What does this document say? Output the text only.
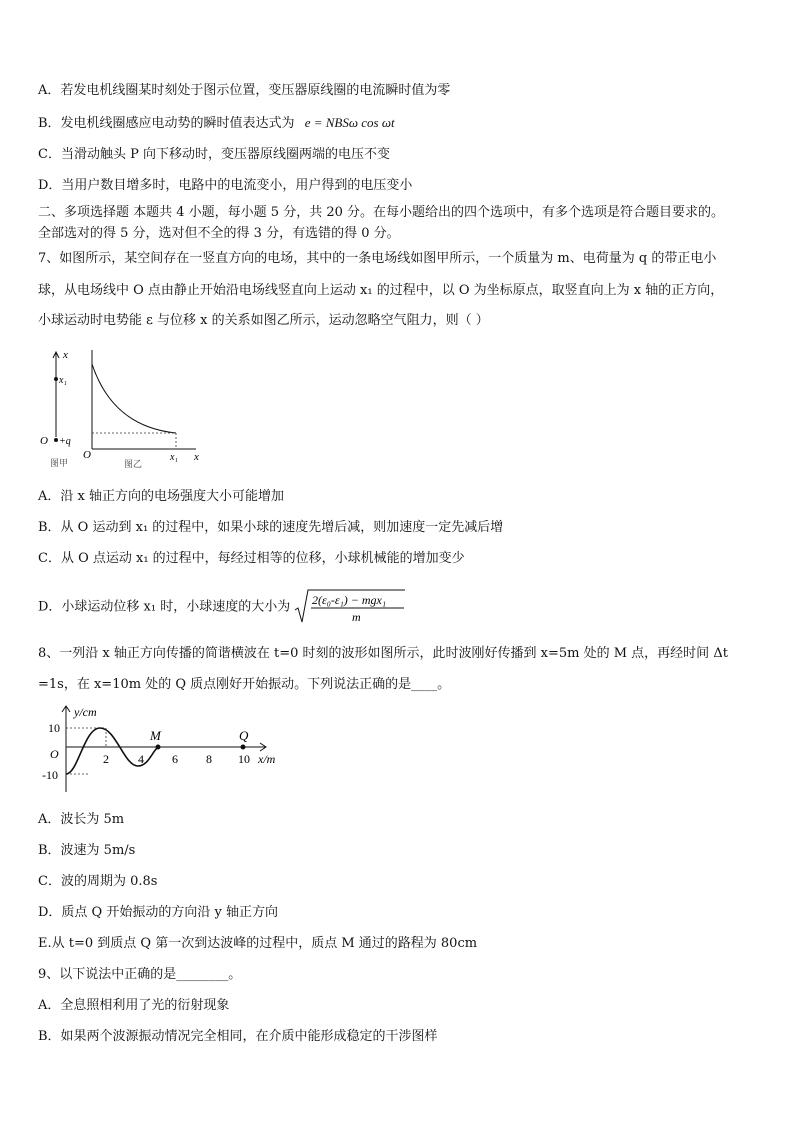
A．若发电机线圈某时刻处于图示位置，变压器原线圈的电流瞬时值为零
B．发电机线圈感应电动势的瞬时值表达式为 e = NBSω cos ωt
C．当滑动触头 P 向下移动时，变压器原线圈两端的电压不变
D．当用户数目增多时，电路中的电流变小，用户得到的电压变小
二、多项选择题 本题共 4 小题，每小题 5 分，共 20 分。在每小题给出的四个选项中，有多个选项是符合题目要求的。
全部选对的得 5 分，选对但不全的得 3 分，有选错的得 0 分。
7、如图所示，某空间存在一竖直方向的电场，其中的一条电场线如图甲所示，一个质量为 m、电荷量为 q 的带正电小
球，从电场线中 O 点由静止开始沿电场线竖直向上运动 x₁ 的过程中，以 O 为坐标原点，取竖直向上为 x 轴的正方向，
小球运动时电势能 ε 与位移 x 的关系如图乙所示，运动忽略空气阻力，则（ ）
x
x₁
O +q
图甲
O	x₁ x
图乙
A．沿 x 轴正方向的电场强度大小可能增加
B．从 O 运动到 x₁ 的过程中，如果小球的速度先增后减，则加速度一定先减后增
C．从 O 点运动 x₁ 的过程中，每经过相等的位移，小球机械能的增加变少
D．小球运动位移 x₁ 时，小球速度的大小为 2(ε₀-ε₁) − mgx₁
m
8、一列沿 x 轴正方向传播的简谐横波在 t=0 时刻的波形如图所示，此时波刚好传播到 x=5m 处的 M 点，再经时间 Δt
=1s，在 x=10m 处的 Q 质点刚好开始振动。下列说法正确的是____。
y/cm
10
-10
O	2 4 6 8 10 x/m
M	Q
A．波长为 5m
B．波速为 5m/s
C．波的周期为 0.8s
D．质点 Q 开始振动的方向沿 y 轴正方向
E.从 t=0 到质点 Q 第一次到达波峰的过程中，质点 M 通过的路程为 80cm
9、以下说法中正确的是________。
A．全息照相利用了光的衍射现象
B．如果两个波源振动情况完全相同，在介质中能形成稳定的干涉图样
